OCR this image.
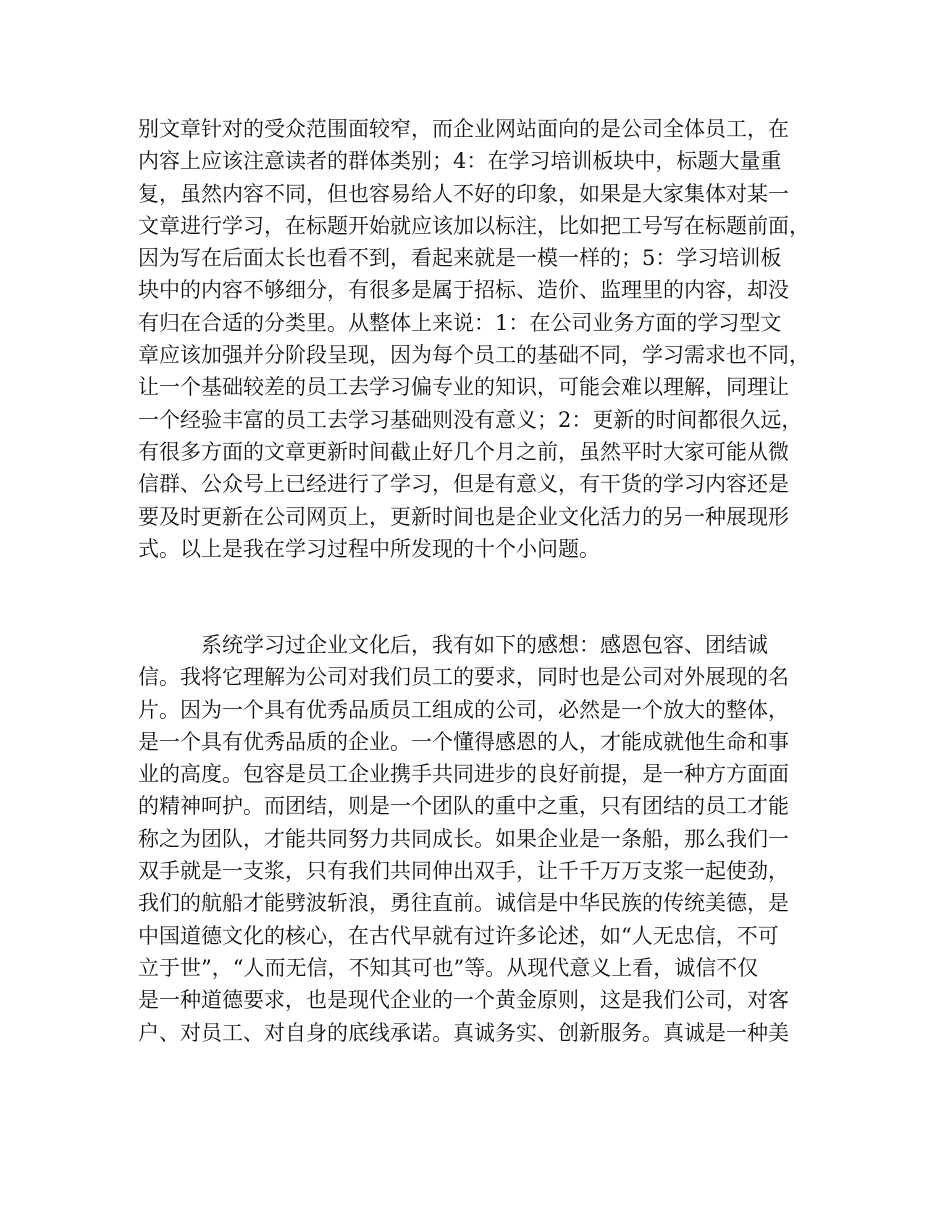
别文章针对的受众范围面较窄，而企业网站面向的是公司全体员工，在
内容上应该注意读者的群体类别；4：在学习培训板块中，标题大量重
复，虽然内容不同，但也容易给人不好的印象，如果是大家集体对某一
文章进行学习，在标题开始就应该加以标注，比如把工号写在标题前面，
因为写在后面太长也看不到，看起来就是一模一样的；5：学习培训板
块中的内容不够细分，有很多是属于招标、造价、监理里的内容，却没
有归在合适的分类里。从整体上来说：1：在公司业务方面的学习型文
章应该加强并分阶段呈现，因为每个员工的基础不同，学习需求也不同，
让一个基础较差的员工去学习偏专业的知识，可能会难以理解，同理让
一个经验丰富的员工去学习基础则没有意义；2：更新的时间都很久远，
有很多方面的文章更新时间截止好几个月之前，虽然平时大家可能从微
信群、公众号上已经进行了学习，但是有意义，有干货的学习内容还是
要及时更新在公司网页上，更新时间也是企业文化活力的另一种展现形
式。以上是我在学习过程中所发现的十个小问题。
　　　系统学习过企业文化后，我有如下的感想：感恩包容、团结诚
信。我将它理解为公司对我们员工的要求，同时也是公司对外展现的名
片。因为一个具有优秀品质员工组成的公司，必然是一个放大的整体，
是一个具有优秀品质的企业。一个懂得感恩的人，才能成就他生命和事
业的高度。包容是员工企业携手共同进步的良好前提，是一种方方面面
的精神呵护。而团结，则是一个团队的重中之重，只有团结的员工才能
称之为团队，才能共同努力共同成长。如果企业是一条船，那么我们一
双手就是一支浆，只有我们共同伸出双手，让千千万万支浆一起使劲，
我们的航船才能劈波斩浪，勇往直前。诚信是中华民族的传统美德，是
中国道德文化的核心，在古代早就有过许多论述，如“人无忠信，不可
立于世”，“人而无信，不知其可也”等。从现代意义上看，诚信不仅
是一种道德要求，也是现代企业的一个黄金原则，这是我们公司，对客
户、对员工、对自身的底线承诺。真诚务实、创新服务。真诚是一种美
